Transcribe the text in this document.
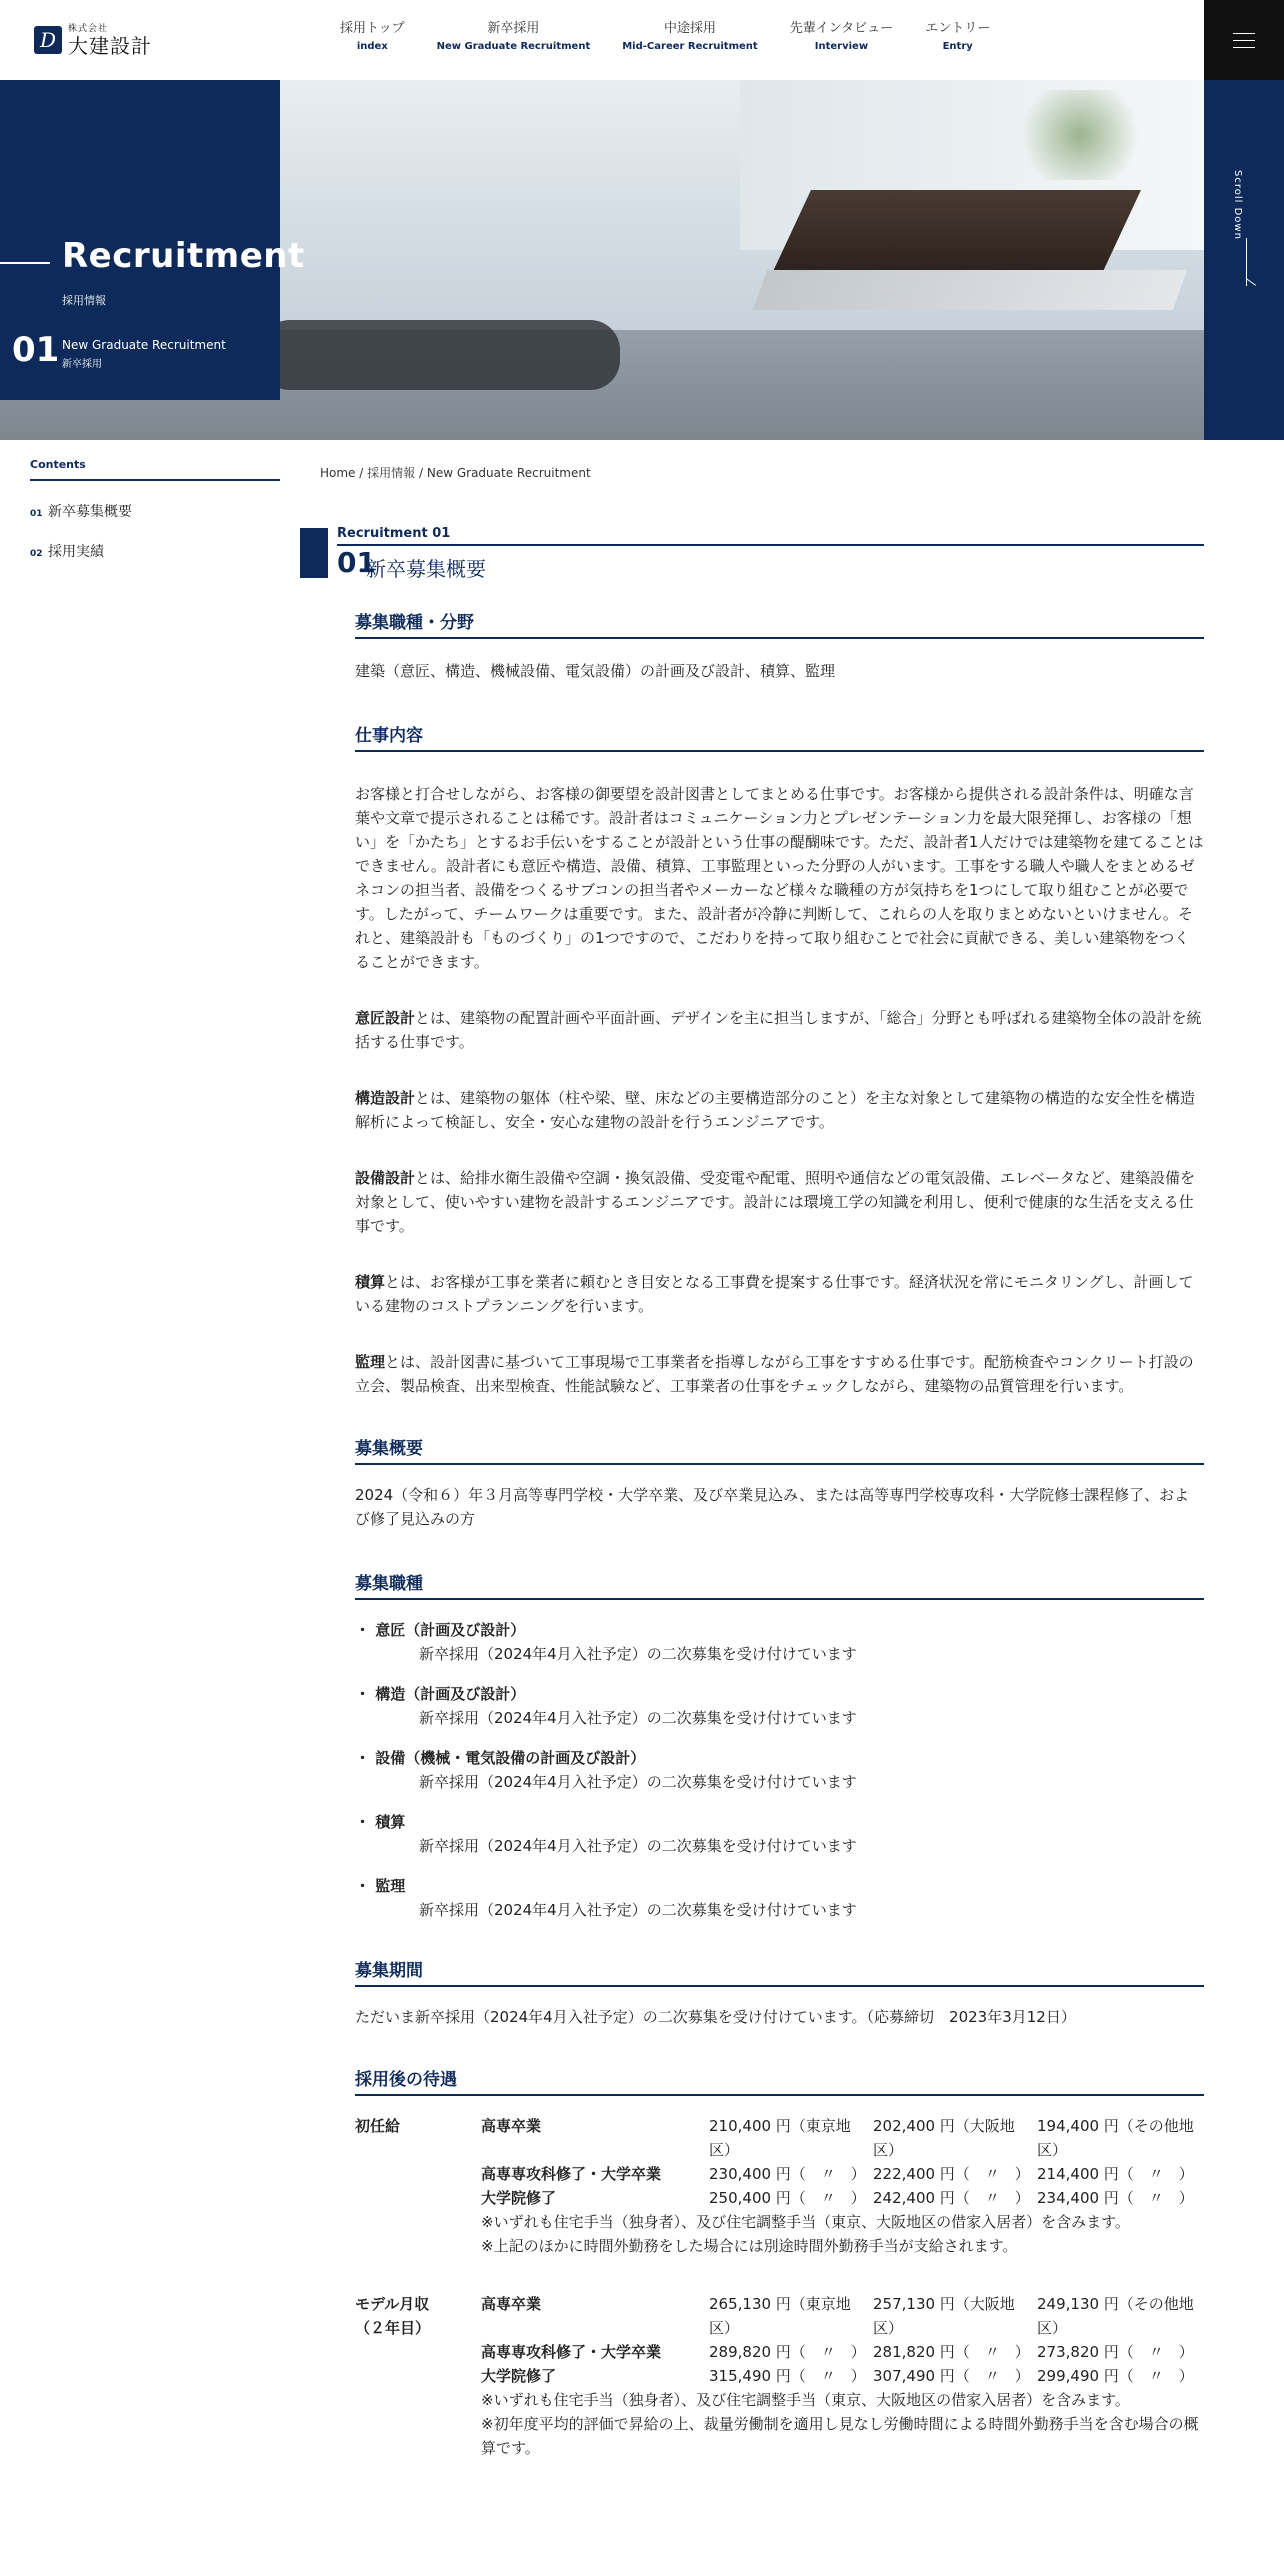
D	株式会社
大建設計
採用トップ
index
新卒採用
New Graduate Recruitment
中途採用
Mid-Career Recruitment
先輩インタビュー
Interview
エントリー
Entry
Recruitment
採用情報
01 New Graduate Recruitment
新卒採用
Scroll Down
Contents
01 新卒募集概要
02 採用実績
Home / 採用情報 / New Graduate Recruitment
Recruitment 01
01
新卒募集概要
募集職種・分野
建築（意匠、構造、機械設備、電気設備）の計画及び設計、積算、監理
仕事内容
お客様と打合せしながら、お客様の御要望を設計図書としてまとめる仕事です。お客様から提供される設計条件は、明確な言葉や文章で提示されることは稀です。設計者はコミュニケーション力とプレゼンテーション力を最大限発揮し、お客様の「想い」を「かたち」とするお手伝いをすることが設計という仕事の醍醐味です。ただ、設計者1人だけでは建築物を建てることはできません。設計者にも意匠や構造、設備、積算、工事監理といった分野の人がいます。工事をする職人や職人をまとめるゼネコンの担当者、設備をつくるサブコンの担当者やメーカーなど様々な職種の方が気持ちを1つにして取り組むことが必要です。したがって、チームワークは重要です。また、設計者が冷静に判断して、これらの人を取りまとめないといけません。それと、建築設計も「ものづくり」の1つですので、こだわりを持って取り組むことで社会に貢献できる、美しい建築物をつくることができます。
意匠設計とは、建築物の配置計画や平面計画、デザインを主に担当しますが、「総合」分野とも呼ばれる建築物全体の設計を統括する仕事です。
構造設計とは、建築物の躯体（柱や梁、壁、床などの主要構造部分のこと）を主な対象として建築物の構造的な安全性を構造解析によって検証し、安全・安心な建物の設計を行うエンジニアです。
設備設計とは、給排水衛生設備や空調・換気設備、受変電や配電、照明や通信などの電気設備、エレベータなど、建築設備を対象として、使いやすい建物を設計するエンジニアです。設計には環境工学の知識を利用し、便利で健康的な生活を支える仕事です。
積算とは、お客様が工事を業者に頼むとき目安となる工事費を提案する仕事です。経済状況を常にモニタリングし、計画している建物のコストプランニングを行います。
監理とは、設計図書に基づいて工事現場で工事業者を指導しながら工事をすすめる仕事です。配筋検査やコンクリート打設の立会、製品検査、出来型検査、性能試験など、工事業者の仕事をチェックしながら、建築物の品質管理を行います。
募集概要
2024（令和６）年３月高等専門学校・大学卒業、及び卒業見込み、または高等専門学校専攻科・大学院修士課程修了、および修了見込みの方
募集職種
・ 意匠（計画及び設計）
新卒採用（2024年4月入社予定）の二次募集を受け付けています
・ 構造（計画及び設計）
新卒採用（2024年4月入社予定）の二次募集を受け付けています
・ 設備（機械・電気設備の計画及び設計）
新卒採用（2024年4月入社予定）の二次募集を受け付けています
・ 積算
新卒採用（2024年4月入社予定）の二次募集を受け付けています
・ 監理
新卒採用（2024年4月入社予定）の二次募集を受け付けています
募集期間
ただいま新卒採用（2024年4月入社予定）の二次募集を受け付けています。（応募締切　2023年3月12日）
採用後の待遇
初任給	高専卒業	210,400 円（東京地区）	202,400 円（大阪地区）	194,400 円（その他地区）
	高専専攻科修了・大学卒業	230,400 円（　〃　）	222,400 円（　〃　）	214,400 円（　〃　）
	大学院修了	250,400 円（　〃　）	242,400 円（　〃　）	234,400 円（　〃　）
	※いずれも住宅手当（独身者）、及び住宅調整手当（東京、大阪地区の借家入居者）を含みます。			
	※上記のほかに時間外勤務をした場合には別途時間外勤務手当が支給されます。			
モデル月収
（２年目）	高専卒業	265,130 円（東京地区）	257,130 円（大阪地区）	249,130 円（その他地区）
	高専専攻科修了・大学卒業	289,820 円（　〃　）	281,820 円（　〃　）	273,820 円（　〃　）
	大学院修了	315,490 円（　〃　）	307,490 円（　〃　）	299,490 円（　〃　）
	※いずれも住宅手当（独身者）、及び住宅調整手当（東京、大阪地区の借家入居者）を含みます。			
	※初年度平均的評価で昇給の上、裁量労働制を適用し見なし労働時間による時間外勤務手当を含む場合の概算です。			
